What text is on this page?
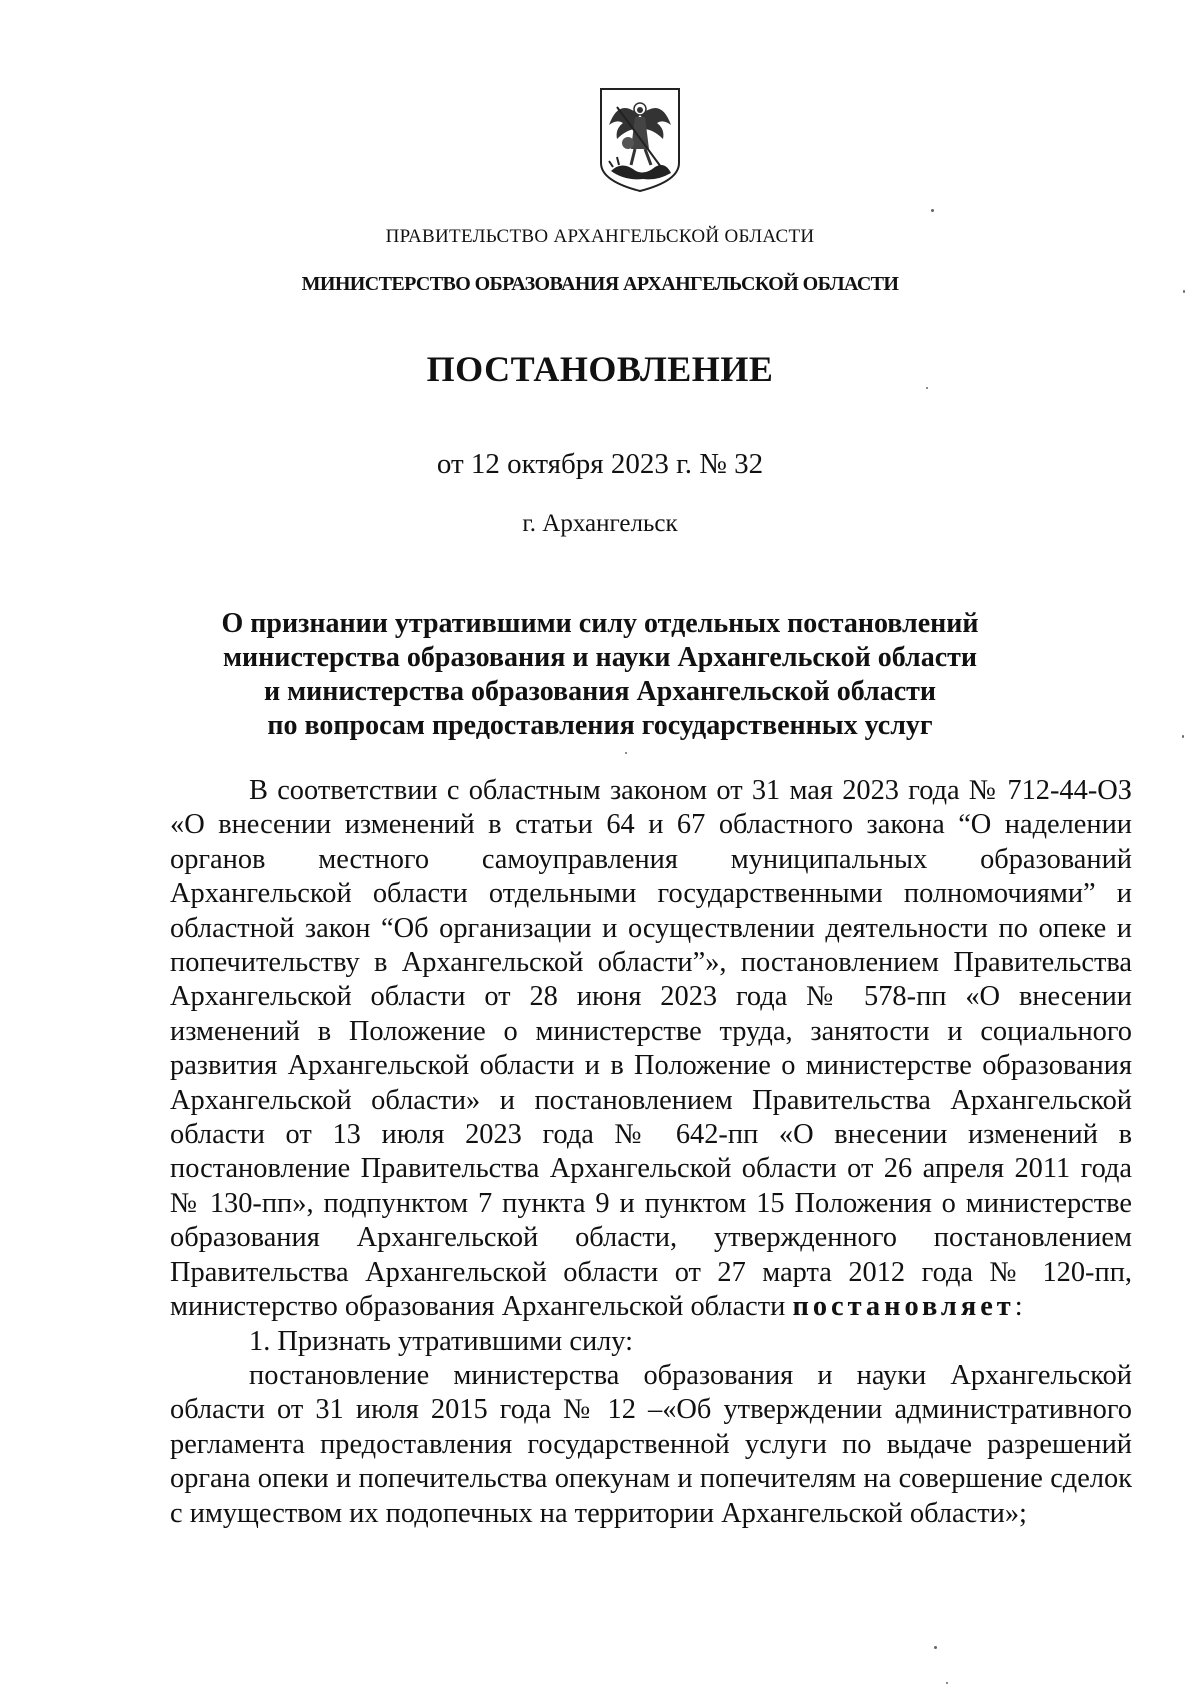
ПРАВИТЕЛЬСТВО АРХАНГЕЛЬСКОЙ ОБЛАСТИ
МИНИСТЕРСТВО ОБРАЗОВАНИЯ АРХАНГЕЛЬСКОЙ ОБЛАСТИ
ПОСТАНОВЛЕНИЕ
от 12 октября 2023 г. № 32
г. Архангельск
О признании утратившими силу отдельных постановлений
министерства образования и науки Архангельской области
и министерства образования Архангельской области
по вопросам предоставления государственных услуг

В соответствии с областным законом от 31 мая 2023 года № 712-44-ОЗ «О внесении изменений в статьи 64 и 67 областного закона “О наделении органов местного самоуправления муниципальных образований Архангельской области отдельными государственными полномочиями” и областной закон “Об организации и осуществлении деятельности по опеке и попечительству в Архангельской области”», постановлением Правительства Архангельской области от 28 июня 2023 года № 578-пп «О внесении изменений в Положение о министерстве труда, занятости и социального развития Архангельской области и в Положение о министерстве образования Архангельской области» и постановлением Правительства Архангельской области от 13 июля 2023 года № 642-пп «О внесении изменений в постановление Правительства Архангельской области от 26 апреля 2011 года № 130-пп», подпунктом 7 пункта 9 и пунктом 15 Положения о министерстве образования Архангельской области, утвержденного постановлением Правительства Архангельской области от 27 марта 2012 года № 120-пп, министерство образования Архангельской области постановляет:

1. Признать утратившими силу:

постановление министерства образования и науки Архангельской области от 31 июля 2015 года № 12 –«Об утверждении административного регламента предоставления государственной услуги по выдаче разрешений органа опеки и попечительства опекунам и попечителям на совершение сделок с имуществом их подопечных на территории Архангельской области»;
